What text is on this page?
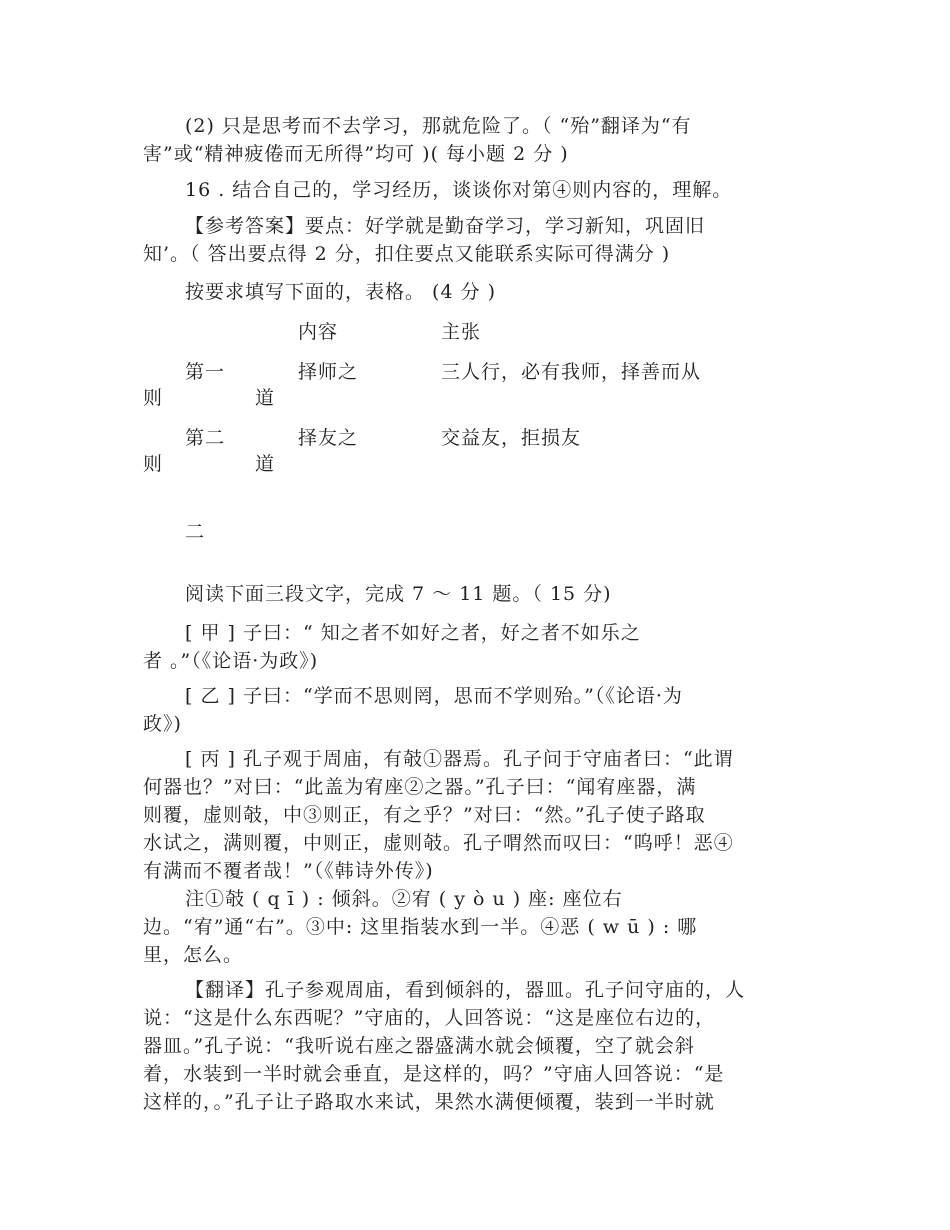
(2) 只是思考而不去学习，那就危险了。（ “殆”翻译为“有
害”或“精神疲倦而无所得”均可 )( 每小题 2 分 )
16 . 结合自己的，学习经历，谈谈你对第④则内容的，理解。
【参考答案】要点：好学就是勤奋学习，学习新知，巩固旧
知’。（ 答出要点得 2 分，扣住要点又能联系实际可得满分 )
按要求填写下面的，表格。 (4 分 )
内容	主张
第一
则
择师之
道
三人行，必有我师，择善而从
第二
则
择友之
道
交益友，拒损友
二
阅读下面三段文字，完成 7 ～ 11 题。（ 15 分)
[ 甲 ] 子曰：“ 知之者不如好之者，好之者不如乐之
者 。”（《论语·为政》)
[ 乙 ] 子曰：“学而不思则罔，思而不学则殆。”（《论语·为
政》)
[ 丙 ] 孔子观于周庙，有攲①器焉。孔子问于守庙者曰：“此谓
何器也？”对曰：“此盖为宥座②之器。”孔子曰：“闻宥座器，满
则覆，虚则攲，中③则正，有之乎？”对曰：“然。”孔子使子路取
水试之，满则覆，中则正，虚则攲。孔子喟然而叹曰：“呜呼！恶④
有满而不覆者哉！”（《韩诗外传》)
注①攲 ( q ī ) : 倾斜。②宥 ( y ò u ) 座: 座位右
边。“宥”通“右”。③中: 这里指装水到一半。④恶 ( w ū ) : 哪
里，怎么。
【翻译】孔子参观周庙，看到倾斜的，器皿。孔子问守庙的，人
说：“这是什么东西呢？”守庙的，人回答说：“这是座位右边的，
器皿。”孔子说：“我听说右座之器盛满水就会倾覆，空了就会斜
着，水装到一半时就会垂直，是这样的，吗？”守庙人回答说：“是
这样的，。”孔子让子路取水来试，果然水满便倾覆，装到一半时就
